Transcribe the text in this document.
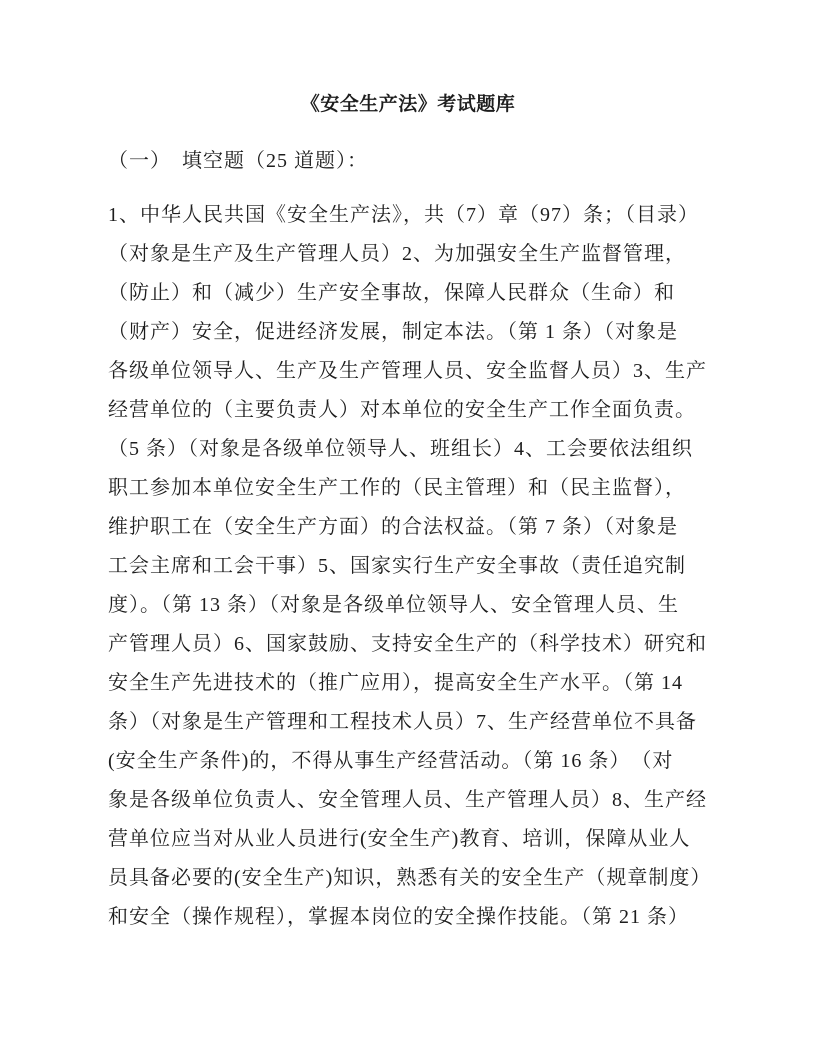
《安全生产法》考试题库
（一）　填空题（25 道题）：
1、中华人民共国《安全生产法》，共（7）章（97）条；（目录）
（对象是生产及生产管理人员）2、为加强安全生产监督管理，
（防止）和（减少）生产安全事故，保障人民群众（生命）和
（财产）安全，促进经济发展，制定本法。（第 1 条）（对象是
各级单位领导人、生产及生产管理人员、安全监督人员）3、生产
经营单位的（主要负责人）对本单位的安全生产工作全面负责。
（5 条）（对象是各级单位领导人、班组长）4、工会要依法组织
职工参加本单位安全生产工作的（民主管理）和（民主监督），
维护职工在（安全生产方面）的合法权益。（第 7 条）（对象是
工会主席和工会干事）5、国家实行生产安全事故（责任追究制
度）。（第 13 条）（对象是各级单位领导人、安全管理人员、生
产管理人员）6、国家鼓励、支持安全生产的（科学技术）研究和
安全生产先进技术的（推广应用），提高安全生产水平。（第 14
条）（对象是生产管理和工程技术人员）7、生产经营单位不具备
(安全生产条件)的，不得从事生产经营活动。（第 16 条）　（对
象是各级单位负责人、安全管理人员、生产管理人员）8、生产经
营单位应当对从业人员进行(安全生产)教育、培训，保障从业人
员具备必要的(安全生产)知识，熟悉有关的安全生产（规章制度）
和安全（操作规程），掌握本岗位的安全操作技能。（第 21 条）
